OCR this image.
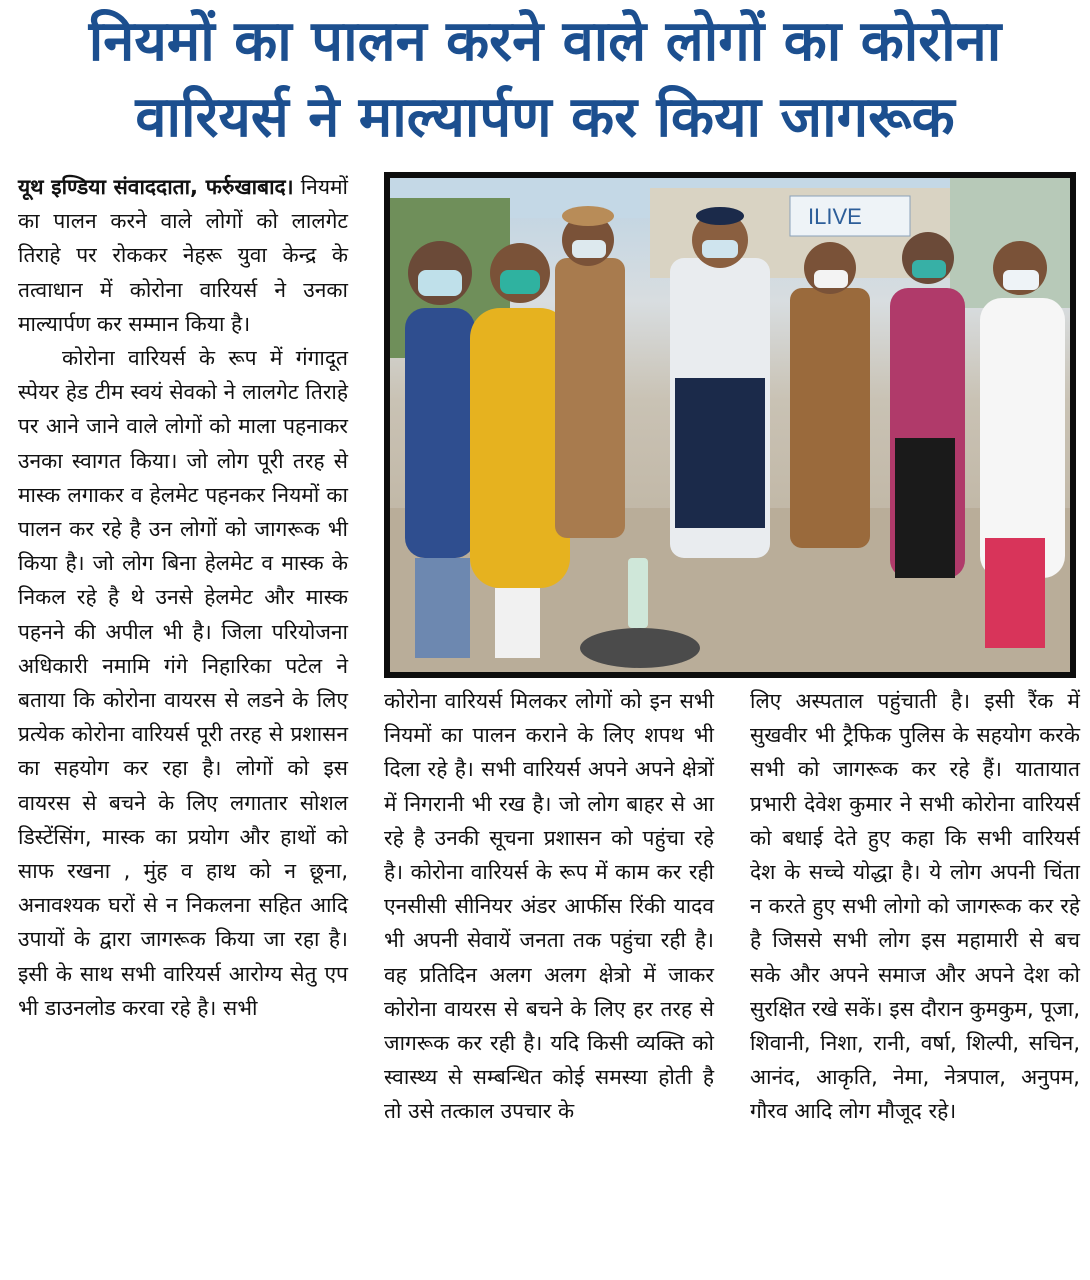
नियमों का पालन करने वाले लोगों का कोरोना
वारियर्स ने माल्यार्पण कर किया जागरूक

यूथ इण्डिया संवाददाता, फर्रुखाबाद। नियमों का पालन करने वाले लोगों को लालगेट तिराहे पर रोककर नेहरू युवा केन्द्र के तत्वाधान में कोरोना वारियर्स ने उनका माल्यार्पण कर सम्मान किया है।

कोरोना वारियर्स के रूप में गंगादूत स्पेयर हेड टीम स्वयं सेवको ने लालगेट तिराहे पर आने जाने वाले लोगों को माला पहनाकर उनका स्वागत किया। जो लोग पूरी तरह से मास्क लगाकर व हेलमेट पहनकर नियमों का पालन कर रहे है उन लोगों को जागरूक भी किया है। जो लोग बिना हेलमेट व मास्क के निकल रहे है थे उनसे हेलमेट और मास्क पहनने की अपील भी है। जिला परियोजना अधिकारी नमामि गंगे निहारिका पटेल ने बताया कि कोरोना वायरस से लडने के लिए प्रत्येक कोरोना वारियर्स पूरी तरह से प्रशासन का सहयोग कर रहा है। लोगों को इस वायरस से बचने के लिए लगातार सोशल डिस्टेंसिंग, मास्क का प्रयोग और हाथों को साफ रखना , मुंह व हाथ को न छूना, अनावश्यक घरों से न निकलना सहित आदि उपायों के द्वारा जागरूक किया जा रहा है। इसी के साथ सभी वारियर्स आरोग्य सेतु एप भी डाउनलोड करवा रहे है। सभी

ILIVE

कोरोना वारियर्स मिलकर लोगों को इन सभी नियमों का पालन कराने के लिए शपथ भी दिला रहे है। सभी वारियर्स अपने अपने क्षेत्रों में निगरानी भी रख है। जो लोग बाहर से आ रहे है उनकी सूचना प्रशासन को पहुंचा रहे है। कोरोना वारियर्स के रूप में काम कर रही एनसीसी सीनियर अंडर आर्फीस रिंकी यादव भी अपनी सेवायें जनता तक पहुंचा रही है। वह प्रतिदिन अलग अलग क्षेत्रो में जाकर कोरोना वायरस से बचने के लिए हर तरह से जागरूक कर रही है। यदि किसी व्यक्ति को स्वास्थ्य से सम्बन्धित कोई समस्या होती है तो उसे तत्काल उपचार के

लिए अस्पताल पहुंचाती है। इसी रैंक में सुखवीर भी ट्रैफिक पुलिस के सहयोग करके सभी को जागरूक कर रहे हैं। यातायात प्रभारी देवेश कुमार ने सभी कोरोना वारियर्स को बधाई देते हुए कहा कि सभी वारियर्स देश के सच्चे योद्धा है। ये लोग अपनी चिंता न करते हुए सभी लोगो को जागरूक कर रहे है जिससे सभी लोग इस महामारी से बच सके और अपने समाज और अपने देश को सुरक्षित रखे सकें। इस दौरान कुमकुम, पूजा, शिवानी, निशा, रानी, वर्षा, शिल्पी, सचिन, आनंद, आकृति, नेमा, नेत्रपाल, अनुपम, गौरव आदि लोग मौजूद रहे।
